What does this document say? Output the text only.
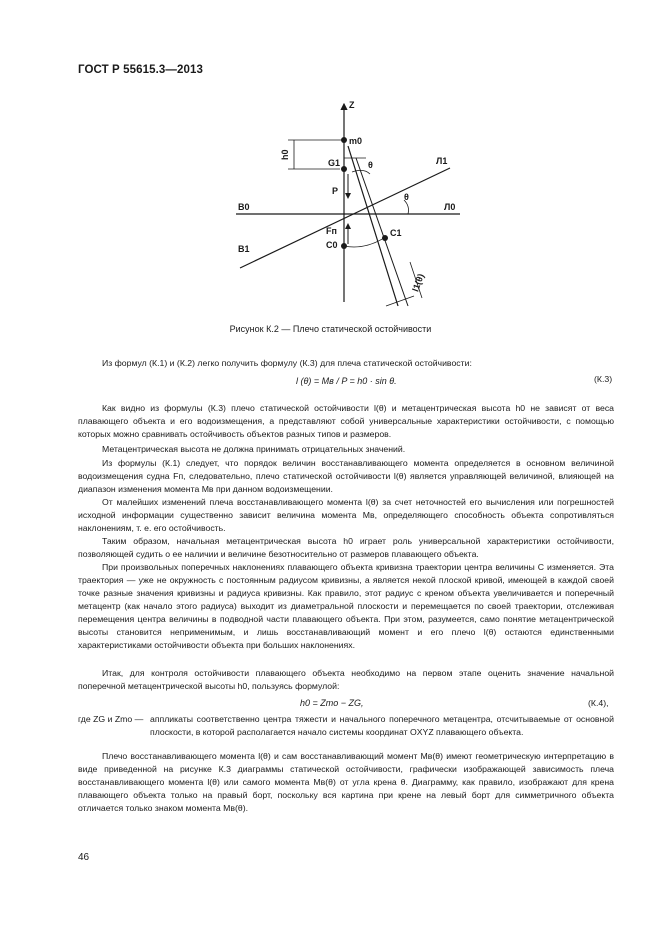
ГОСТ Р 55615.3—2013
Z
m0
h0
G1	θ	Л1
P
B0	Л0
θ
Fп	C1
C0
B1
l1(θ)
Рисунок К.2 — Плечо статической остойчивости
Из формул (К.1) и (К.2) легко получить формулу (К.3) для плеча статической остойчивости:
l (θ) = Mв / P = h0 · sin θ.	(К.3)
Как видно из формулы (К.3) плечо статической остойчивости l(θ) и метацентрическая высота h0 не зависят от веса плавающего объекта и его водоизмещения, а представляют собой универсальные характеристики остойчивости, с помощью которых можно сравнивать остойчивость объектов разных типов и размеров.
Метацентрическая высота не должна принимать отрицательных значений.
Из формулы (К.1) следует, что порядок величин восстанавливающего момента определяется в основном величиной водоизмещения судна Fп, следовательно, плечо статической остойчивости l(θ) является управляющей величиной, влияющей на диапазон изменения момента Mв при данном водоизмещении.
От малейших изменений плеча восстанавливающего момента l(θ) за счет неточностей его вычисления или погрешностей исходной информации существенно зависит величина момента Mв, определяющего способность объекта сопротивляться наклонениям, т. е. его остойчивость.
Таким образом, начальная метацентрическая высота h0 играет роль универсальной характеристики остойчивости, позволяющей судить о ее наличии и величине безотносительно от размеров плавающего объекта.
При произвольных поперечных наклонениях плавающего объекта кривизна траектории центра величины C изменяется. Эта траектория — уже не окружность с постоянным радиусом кривизны, а является некой плоской кривой, имеющей в каждой своей точке разные значения кривизны и радиуса кривизны. Как правило, этот радиус с креном объекта увеличивается и поперечный метацентр (как начало этого радиуса) выходит из диаметральной плоскости и перемещается по своей траектории, отслеживая перемещения центра величины в подводной части плавающего объекта. При этом, разумеется, само понятие метацентрической высоты становится неприменимым, и лишь восстанавливающий момент и его плечо l(θ) остаются единственными характеристиками остойчивости объекта при больших наклонениях.
Итак, для контроля остойчивости плавающего объекта необходимо на первом этапе оценить значение начальной поперечной метацентрической высоты h0, пользуясь формулой:
h0 = Zmo − ZG,	(К.4),
где ZG и Zmo — аппликаты соответственно центра тяжести и начального поперечного метацентра, отсчитываемые от основной плоскости, в которой располагается начало системы координат OXYZ плавающего объекта.
Плечо восстанавливающего момента l(θ) и сам восстанавливающий момент Mв(θ) имеют геометрическую интерпретацию в виде приведенной на рисунке К.3 диаграммы статической остойчивости, графически изображающей зависимость плеча восстанавливающего момента l(θ) или самого момента Mв(θ) от угла крена θ. Диаграмму, как правило, изображают для крена плавающего объекта только на правый борт, поскольку вся картина при крене на левый борт для симметричного объекта отличается только знаком момента Mв(θ).
46
